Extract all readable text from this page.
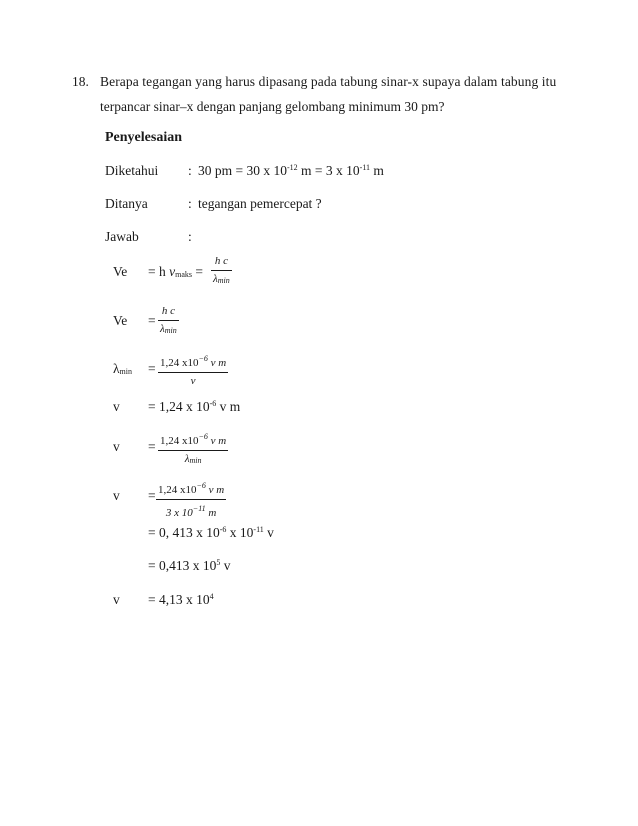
18. Berapa tegangan yang harus dipasang pada tabung sinar-x supaya dalam tabung itu
terpancar sinar–x dengan panjang gelombang minimum 30 pm?
Penyelesaian
Diketahui : 30 pm = 30 x $10^{-12}$ m = 3 x $10^{-11}$ m
Ditanya	: tegangan pemercepat ?
Jawab	:
Ve = h $\nu_{maks}$ =
h c
$\lambda_{min}$
Ve =
h c
$\lambda_{min}$
$\lambda_{min} = \frac{1,24 x10^{-6} v m}{v}$
v = 1,24 x $10^{-6}$ v m
v = 1,24 $x10^{-6}$ v m
$\lambda_{min}$
$v = \frac{1,24 x10^{-6} v m}{3 x 10^{-11} m}$
= 0, 413 x $10^{-6}$ x $10^{-11}$ v
= 0,413 x $10^5$ v
v = 4,13 x $10^4$
